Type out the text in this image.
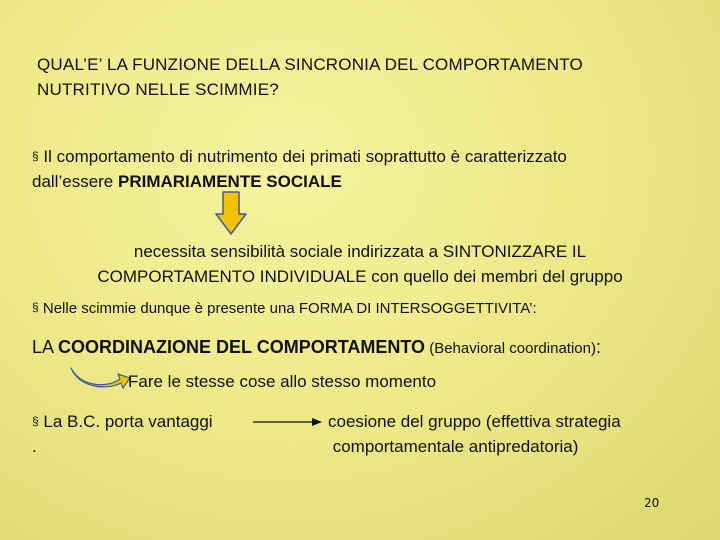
QUAL’E’ LA FUNZIONE DELLA SINCRONIA DEL COMPORTAMENTO
NUTRITIVO NELLE SCIMMIE?
§ Il comportamento di nutrimento dei primati soprattutto è caratterizzato
dall’essere PRIMARIAMENTE SOCIALE
necessita sensibilità sociale indirizzata a SINTONIZZARE IL
COMPORTAMENTO INDIVIDUALE con quello dei membri del gruppo
§ Nelle scimmie dunque è presente una FORMA DI INTERSOGGETTIVITA’:
LA COORDINAZIONE DEL COMPORTAMENTO (Behavioral coordination):
Fare le stesse cose allo stesso momento
§ La B.C. porta vantaggi
.
coesione del gruppo (effettiva strategia
comportamentale antipredatoria)
20
